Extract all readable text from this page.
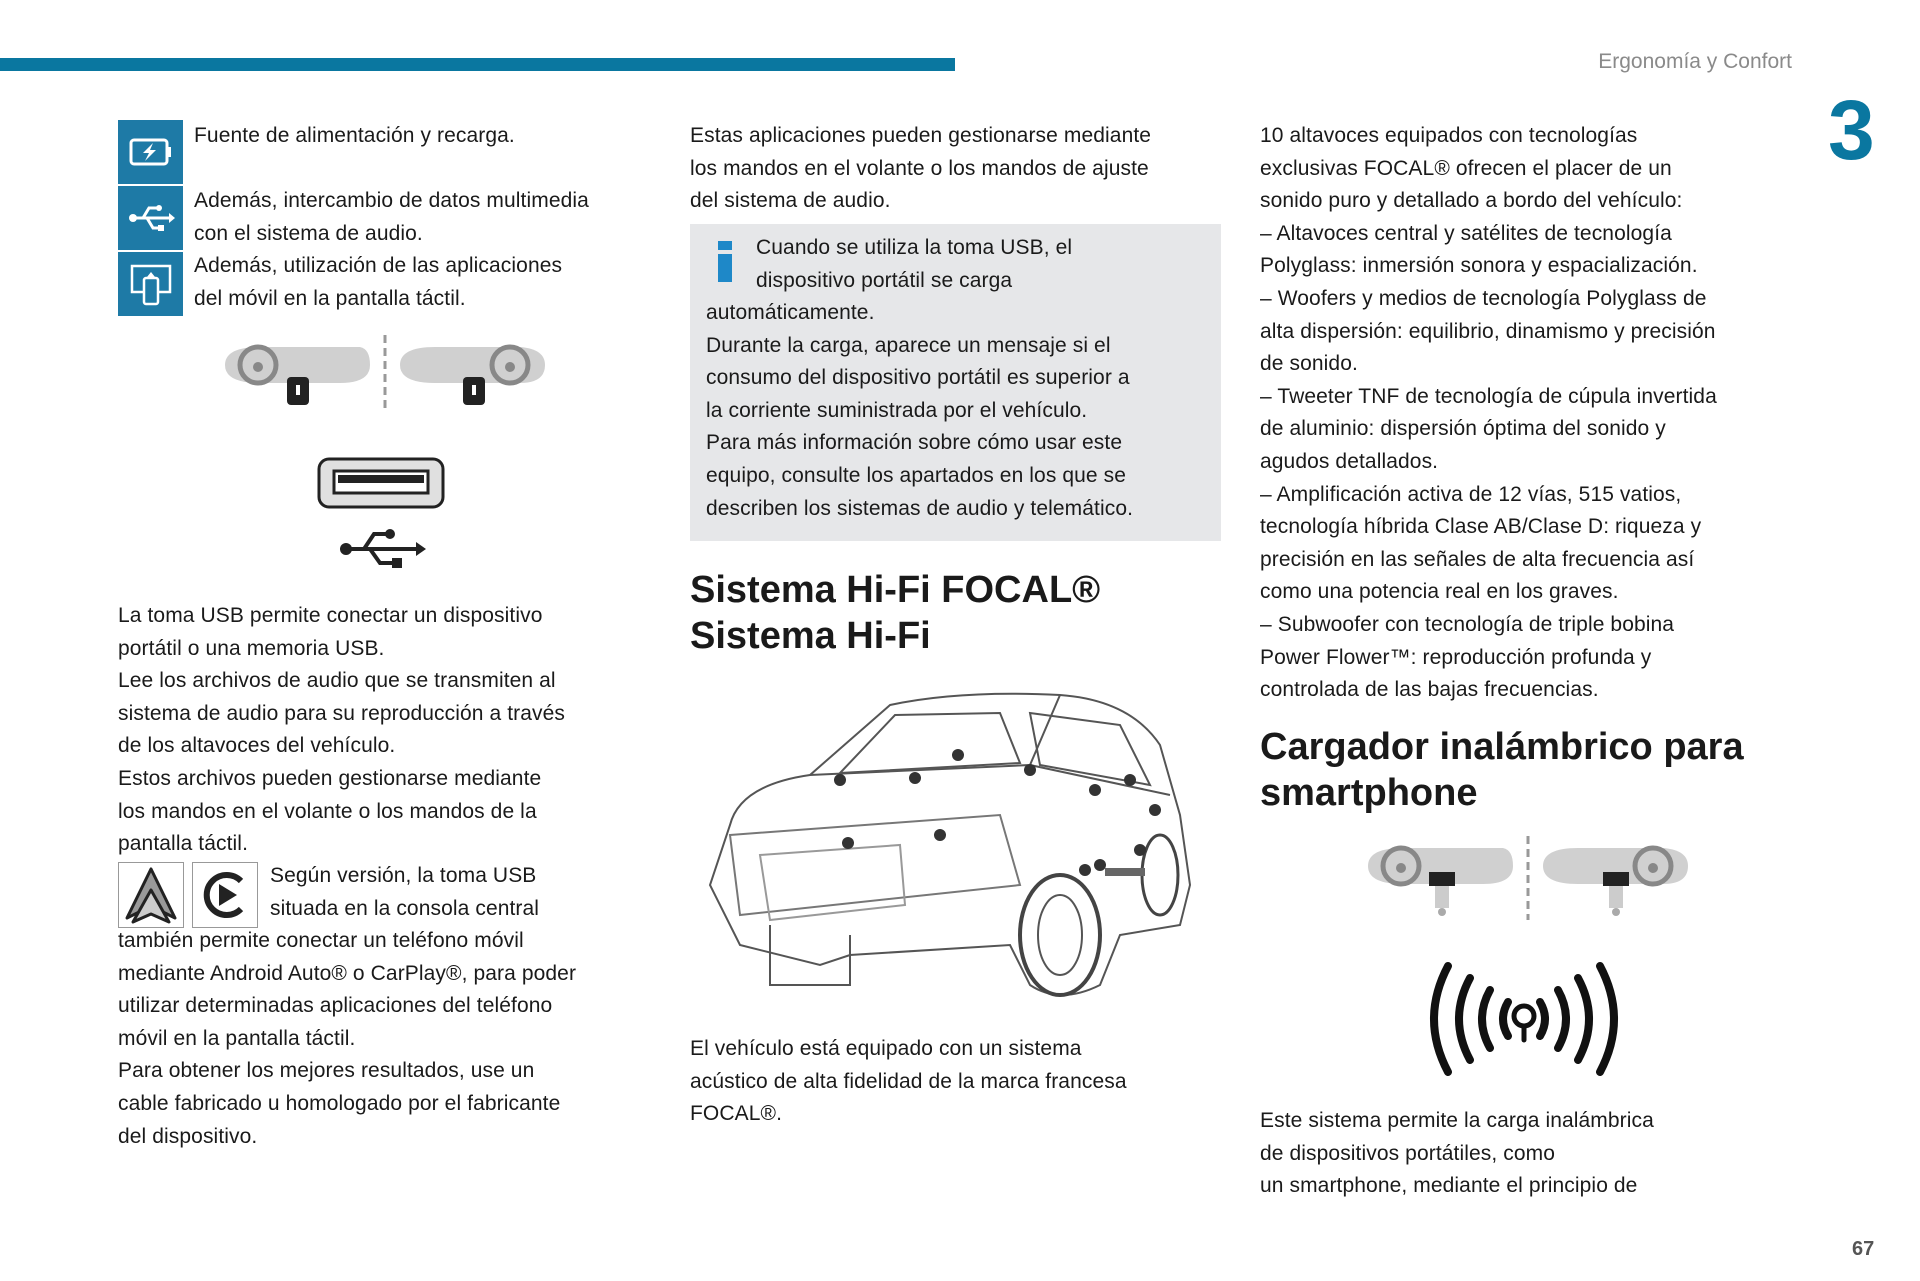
Ergonomía y Confort
3
Fuente de alimentación y recarga.
Además, intercambio de datos multimedia
con el sistema de audio.
Además, utilización de las aplicaciones
del móvil en la pantalla táctil.
La toma USB permite conectar un dispositivo
portátil o una memoria USB.
Lee los archivos de audio que se transmiten al
sistema de audio para su reproducción a través
de los altavoces del vehículo.
Estos archivos pueden gestionarse mediante
los mandos en el volante o los mandos de la
pantalla táctil.
Según versión, la toma USB
situada en la consola central
también permite conectar un teléfono móvil
mediante Android Auto® o CarPlay®, para poder
utilizar determinadas aplicaciones del teléfono
móvil en la pantalla táctil.
Para obtener los mejores resultados, use un
cable fabricado u homologado por el fabricante
del dispositivo.
Estas aplicaciones pueden gestionarse mediante
los mandos en el volante o los mandos de ajuste
del sistema de audio.
Cuando se utiliza la toma USB, el
dispositivo portátil se carga
automáticamente.
Durante la carga, aparece un mensaje si el
consumo del dispositivo portátil es superior a
la corriente suministrada por el vehículo.
Para más información sobre cómo usar este
equipo, consulte los apartados en los que se
describen los sistemas de audio y telemático.
Sistema Hi-Fi FOCAL®
Sistema Hi-Fi
El vehículo está equipado con un sistema
acústico de alta fidelidad de la marca francesa
FOCAL®.
10 altavoces equipados con tecnologías
exclusivas FOCAL® ofrecen el placer de un
sonido puro y detallado a bordo del vehículo:
– Altavoces central y satélites de tecnología
Polyglass: inmersión sonora y espacialización.
– Woofers y medios de tecnología Polyglass de
alta dispersión: equilibrio, dinamismo y precisión
de sonido.
– Tweeter TNF de tecnología de cúpula invertida
de aluminio: dispersión óptima del sonido y
agudos detallados.
– Amplificación activa de 12 vías, 515 vatios,
tecnología híbrida Clase AB/Clase D: riqueza y
precisión en las señales de alta frecuencia así
como una potencia real en los graves.
– Subwoofer con tecnología de triple bobina
Power Flower™: reproducción profunda y
controlada de las bajas frecuencias.
Cargador inalámbrico para
smartphone
Este sistema permite la carga inalámbrica
de dispositivos portátiles, como
un smartphone, mediante el principio de
67
